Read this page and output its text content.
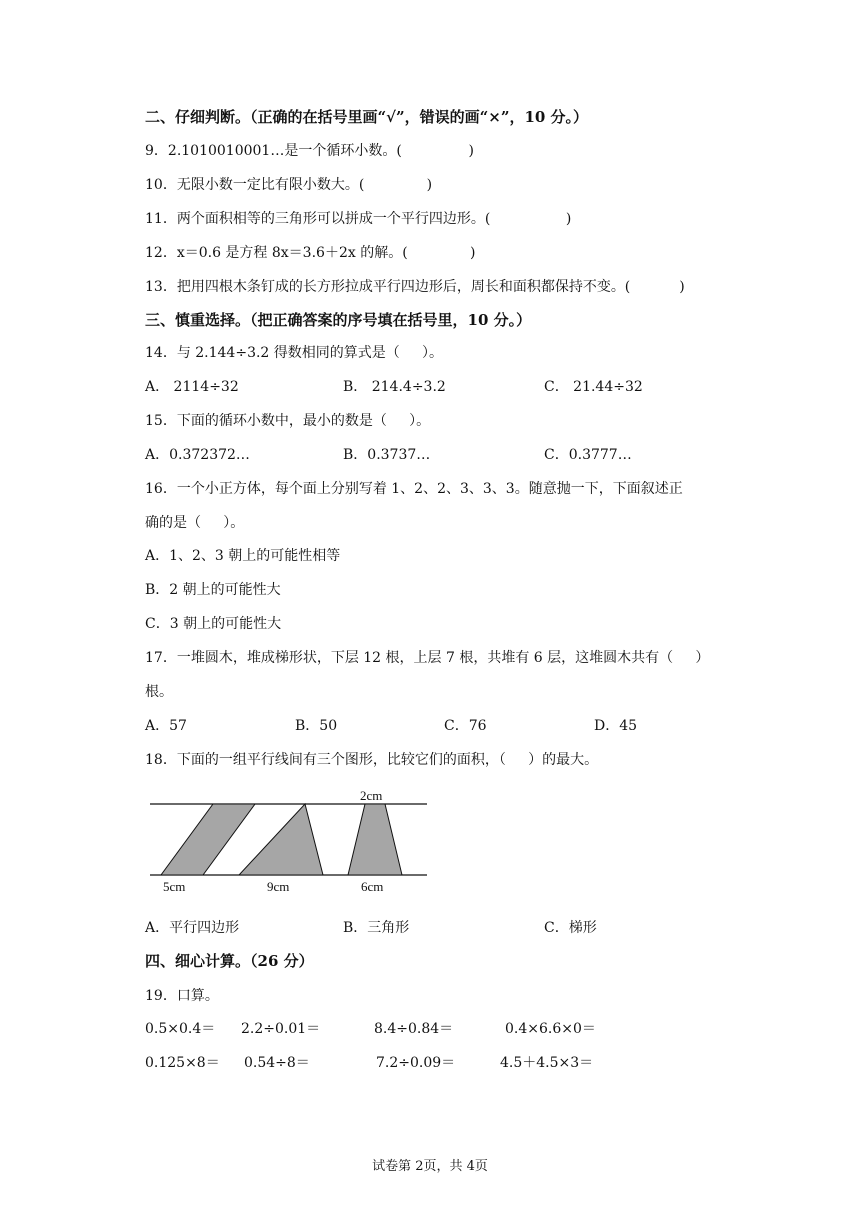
二、仔细判断。（正确的在括号里画“√”，错误的画“×”，10 分。）
9．2.1010010001…是一个循环小数。(               )
10．无限小数一定比有限小数大。(              )
11．两个面积相等的三角形可以拼成一个平行四边形。(                 )
12．x＝0.6 是方程 8x＝3.6＋2x 的解。(              )
13．把用四根木条钉成的长方形拉成平行四边形后，周长和面积都保持不变。(           )
三、慎重选择。（把正确答案的序号填在括号里，10 分。）
14．与 2.144÷3.2 得数相同的算式是（     ）。
A． 2114÷32	B． 214.4÷3.2	C． 21.44÷32
15．下面的循环小数中，最小的数是（     ）。
A．0.372372…	B．0.3737…	C．0.3777…
16．一个小正方体，每个面上分别写着 1、2、2、3、3、3。随意抛一下，下面叙述正
确的是（     ）。
A．1、2、3 朝上的可能性相等
B．2 朝上的可能性大
C．3 朝上的可能性大
17．一堆圆木，堆成梯形状，下层 12 根，上层 7 根，共堆有 6 层，这堆圆木共有（     ）
根。
A．57	B．50	C．76	D．45
18．下面的一组平行线间有三个图形，比较它们的面积，（     ）的最大。
2cm
5cm	9cm	6cm
A．平行四边形	B．三角形	C．梯形
四、细心计算。（26 分）
19．口算。
0.5×0.4＝ 2.2÷0.01＝	8.4÷0.84＝	0.4×6.6×0＝
0.125×8＝ 0.54÷8＝	7.2÷0.09＝	4.5＋4.5×3＝
试卷第 2页，共 4页
